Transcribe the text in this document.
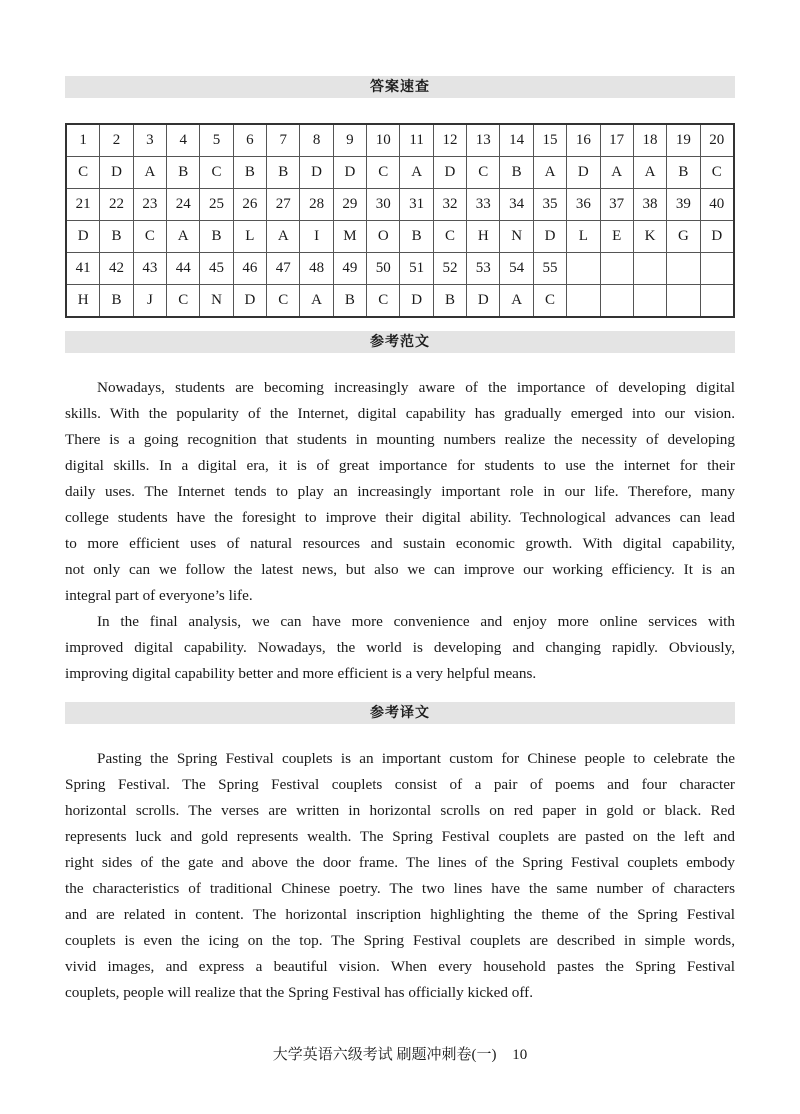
答案速查
1	2	3	4	5	6	7	8	9	10	11	12	13	14	15	16	17	18	19	20
C	D	A	B	C	B	B	D	D	C	A	D	C	B	A	D	A	A	B	C
21	22	23	24	25	26	27	28	29	30	31	32	33	34	35	36	37	38	39	40
D	B	C	A	B	L	A	I	M	O	B	C	H	N	D	L	E	K	G	D
41	42	43	44	45	46	47	48	49	50	51	52	53	54	55					
H	B	J	C	N	D	C	A	B	C	D	B	D	A	C					
参考范文
Nowadays, students are becoming increasingly aware of the importance of developing digital
skills. With the popularity of the Internet, digital capability has gradually emerged into our vision.
There is a going recognition that students in mounting numbers realize the necessity of developing
digital skills. In a digital era, it is of great importance for students to use the internet for their
daily uses. The Internet tends to play an increasingly important role in our life. Therefore, many
college students have the foresight to improve their digital ability. Technological advances can lead
to more efficient uses of natural resources and sustain economic growth. With digital capability,
not only can we follow the latest news, but also we can improve our working efficiency. It is an
integral part of everyone’s life.
In the final analysis, we can have more convenience and enjoy more online services with
improved digital capability. Nowadays, the world is developing and changing rapidly. Obviously,
improving digital capability better and more efficient is a very helpful means.
参考译文
Pasting the Spring Festival couplets is an important custom for Chinese people to celebrate the
Spring Festival. The Spring Festival couplets consist of a pair of poems and four character
horizontal scrolls. The verses are written in horizontal scrolls on red paper in gold or black. Red
represents luck and gold represents wealth. The Spring Festival couplets are pasted on the left and
right sides of the gate and above the door frame. The lines of the Spring Festival couplets embody
the characteristics of traditional Chinese poetry. The two lines have the same number of characters
and are related in content. The horizontal inscription highlighting the theme of the Spring Festival
couplets is even the icing on the top. The Spring Festival couplets are described in simple words,
vivid images, and express a beautiful vision. When every household pastes the Spring Festival
couplets, people will realize that the Spring Festival has officially kicked off.
大学英语六级考试 刷题冲刺卷(一) 10
